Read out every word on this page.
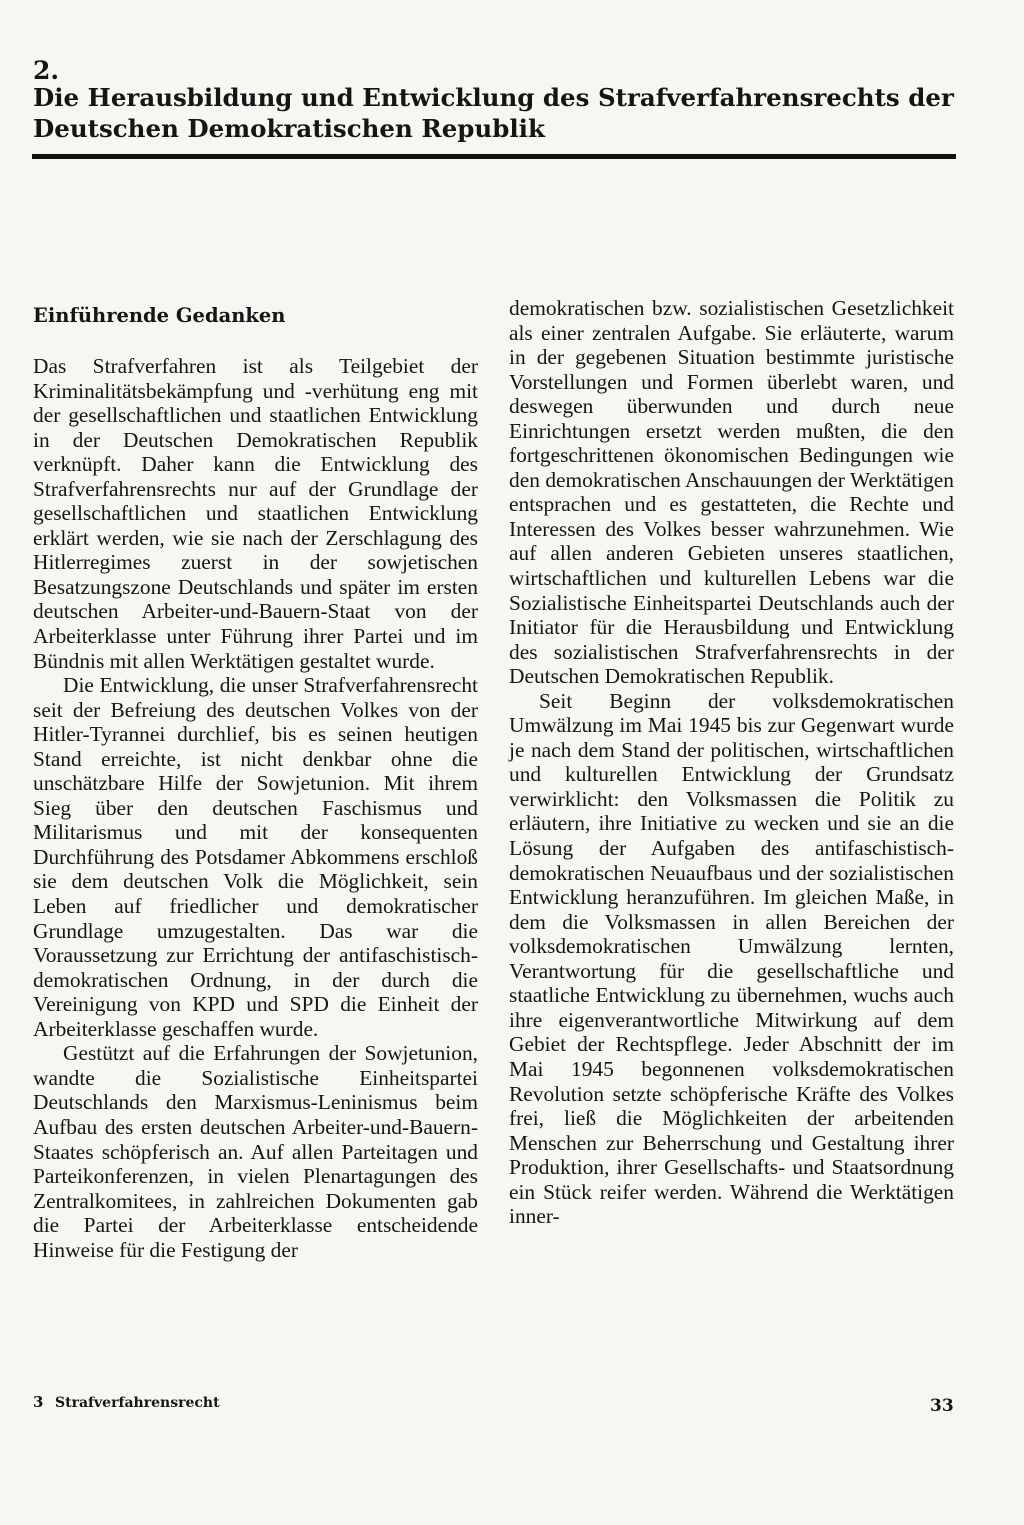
2.
Die Herausbildung und Entwicklung des Strafverfahrensrechts der Deutschen Demokratischen Republik
Einführende Gedanken

Das Strafverfahren ist als Teilgebiet der Kriminalitätsbekämpfung und -verhütung eng mit der gesellschaftlichen und staatlichen Entwicklung in der Deutschen Demokratischen Republik verknüpft. Daher kann die Entwicklung des Strafverfahrensrechts nur auf der Grundlage der gesellschaftlichen und staatlichen Entwicklung erklärt werden, wie sie nach der Zerschlagung des Hitlerregimes zuerst in der sowjetischen Besatzungszone Deutschlands und später im ersten deutschen Arbeiter-und-Bauern-Staat von der Arbeiterklasse unter Führung ihrer Partei und im Bündnis mit allen Werktätigen gestaltet wurde.

Die Entwicklung, die unser Strafverfahrensrecht seit der Befreiung des deutschen Volkes von der Hitler-Tyrannei durchlief, bis es seinen heutigen Stand erreichte, ist nicht denkbar ohne die unschätzbare Hilfe der Sowjetunion. Mit ihrem Sieg über den deutschen Faschismus und Militarismus und mit der konsequenten Durchführung des Potsdamer Abkommens erschloß sie dem deutschen Volk die Möglichkeit, sein Leben auf friedlicher und demokratischer Grundlage umzugestalten. Das war die Voraussetzung zur Errichtung der antifaschistisch-demokratischen Ordnung, in der durch die Vereinigung von KPD und SPD die Einheit der Arbeiterklasse geschaffen wurde.

Gestützt auf die Erfahrungen der Sowjetunion, wandte die Sozialistische Einheitspartei Deutschlands den Marxismus-Leninismus beim Aufbau des ersten deutschen Arbeiter-und-Bauern-Staates schöpferisch an. Auf allen Parteitagen und Parteikonferenzen, in vielen Plenartagungen des Zentralkomitees, in zahlreichen Dokumenten gab die Partei der Arbeiterklasse entscheidende Hinweise für die Festigung der

demokratischen bzw. sozialistischen Gesetzlichkeit als einer zentralen Aufgabe. Sie erläuterte, warum in der gegebenen Situation bestimmte juristische Vorstellungen und Formen überlebt waren, und deswegen überwunden und durch neue Einrichtungen ersetzt werden mußten, die den fortgeschrittenen ökonomischen Bedingungen wie den demokratischen Anschauungen der Werktätigen entsprachen und es gestatteten, die Rechte und Interessen des Volkes besser wahrzunehmen. Wie auf allen anderen Gebieten unseres staatlichen, wirtschaftlichen und kulturellen Lebens war die Sozialistische Einheitspartei Deutschlands auch der Initiator für die Herausbildung und Entwicklung des sozialistischen Strafverfahrensrechts in der Deutschen Demokratischen Republik.

Seit Beginn der volksdemokratischen Umwälzung im Mai 1945 bis zur Gegenwart wurde je nach dem Stand der politischen, wirtschaftlichen und kulturellen Entwicklung der Grundsatz verwirklicht: den Volksmassen die Politik zu erläutern, ihre Initiative zu wecken und sie an die Lösung der Aufgaben des antifaschistisch-demokratischen Neuaufbaus und der sozialistischen Entwicklung heranzuführen. Im gleichen Maße, in dem die Volksmassen in allen Bereichen der volksdemokratischen Umwälzung lernten, Verantwortung für die gesellschaftliche und staatliche Entwicklung zu übernehmen, wuchs auch ihre eigenverantwortliche Mitwirkung auf dem Gebiet der Rechtspflege. Jeder Abschnitt der im Mai 1945 begonnenen volksdemokratischen Revolution setzte schöpferische Kräfte des Volkes frei, ließ die Möglichkeiten der arbeitenden Menschen zur Beherrschung und Gestaltung ihrer Produktion, ihrer Gesellschafts- und Staatsordnung ein Stück reifer werden. Während die Werktätigen inner-

3 Strafverfahrensrecht	33
